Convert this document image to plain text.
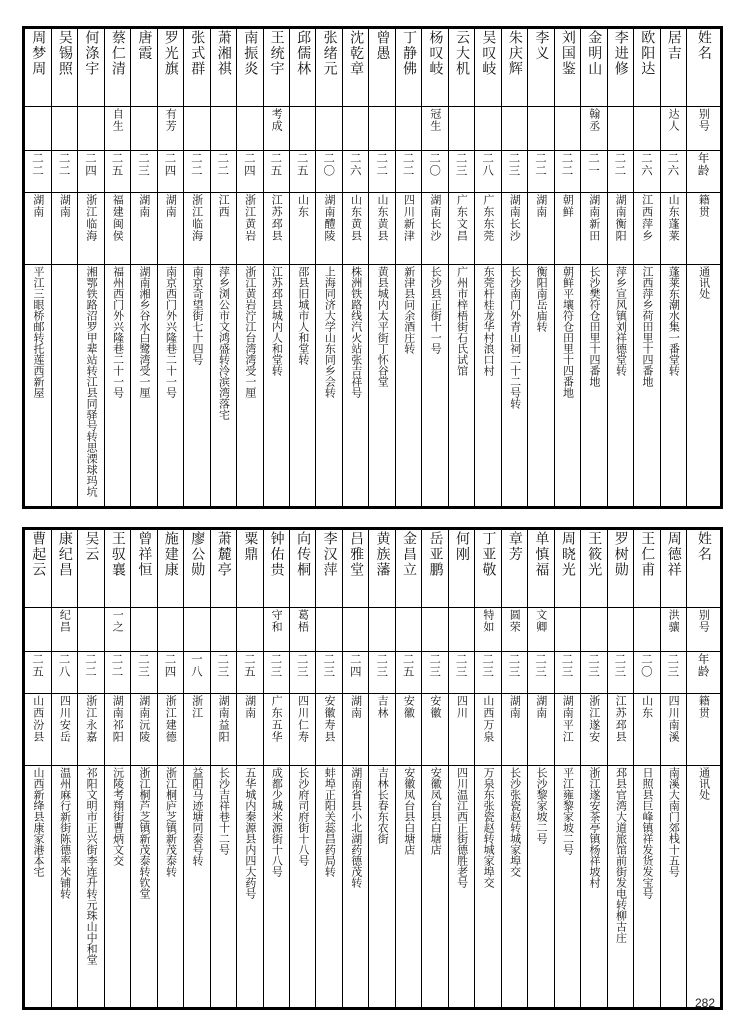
姓名	居吉	欧阳达	李进修	金明山	刘国鉴	李义	朱庆辉	吴叹岐	云大机	杨叹岐	丁静佛	曾愚	沈乾章	张绪元	邱儒林	王统宇	南振炎	萧湘祺	张式群	罗光旗	唐霞	蔡仁清	何涤宇	吴锡照	周梦周

别号	达人			翰丞						冠生						考成				有芳		自生			

年龄	二六	二六	二二	二一	二二	二二	二三	二八	二三	二〇	二二	二二	二六	二〇	二五	二五	二四	二二	二二	二四	二三	二五	二四	二二	二二

籍贯	山东蓬莱	江西萍乡	湖南衡阳	湖南新田	朝鲜	湖南	湖南长沙	广东东莞	广东文昌	湖南长沙	四川新津	山东黄县	山东黄县	湖南醴陵	山东	江苏邳县	浙江黄岩	江西	浙江临海	湖南	湖南	福建闽侯	浙江临海	湖南	湖南

通讯处	蓬莱东潮水集一番堂转	江西萍乡荷田里十四番地	萍乡宣风镇刘祥德堂转	长沙樊符仓田里十四番地	朝鲜平壤符仓田里十四番地	衡阳南岳庙转	长沙南门外青山祠二十二号转	东莞杆桂龙华村浪口村	广州市梓梧街石氏试馆	长沙县正街十一号	新津县问余酒庄转	黄县城内太平街丁怀谷堂	株洲铁路线汽火站张吉祥号	上海同济大学山东同乡会转	邵县旧城市人和堂转	江苏邳县城内人和堂转	浙江黄岩泞江台湾湾受一厘	萍乡浏公市文鸿盛转泠滨湾落宅	南京奇望街七十四号	南京西门外兴隆巷二十一号	湖南湘乡谷水白鹭湾受一厘	福州西门外兴隆巷二十一号	湘鄂铁路沼罗甲辈站转江县同驿号转思溧球玛坑		平江三眼桥邮转托莲西新屋
姓名	周德祥	王仁甫	罗树勋	王筱光	周晓光	单慎福	章芳	丁亚敬	何刚	岳亚鹏	金昌立	黄族藩	吕雅堂	李汉萍	向传桐	钟佑贵	粟鼎	萧麓亭	廖公勋	施建康	曾祥恒	王驭襄	吴云	康纪昌	曹起云

别号	洪骧					文卿	圆荣	特如							葛梧	守和						一之		纪昌	

年龄	二三	二〇	二三	二三	二三	二三	二三	二三	二三	二三	二五	二三	二四	二三	二三	二三	二五	二三	一八	二四	二三	二二	二二	二八	二五

籍贯	四川南溪	山东	江苏邳县	浙江遂安	湖南平江	湖南	湖南	山西万泉	四川	安徽	安徽	吉林	湖南	安徽寿县	四川仁寿	广东五华	湖南	湖南益阳	浙江	浙江建德	湖南沅陵	湖南祁阳	浙江永嘉	四川安岳	山西汾县

通讯处	南溪大南门郊栈十五号	日照县巨峰镇祥发货发宝号	邳县官湾大道旅馆前街发电转柳古庄	浙江遂安茶亭镇杨祥坡村	平江雍黎家坡二号	长沙黎家坡二号	长沙张瓷赵转城家埠交	万泉东张瓷赵转城家埠交	四川温江西正街德胜老号	安徽凤台县白塘店	安徽凤台县白塘店	吉林长春东农街	湖南省县小北湖药德茂转	蚌埠正阳关蕊昌药局转	长沙府司府街十八号	成都少城米源街十八号	五华城内秦源县内四大药号	长沙吉祥巷十二号	益阳马迹塘同泰号转	浙江桐庐芝镇新茂泰转	浙江桐芦芝镇新茂泰转钦堂	沅陵考翔街曹炳文交	祁阳文明市正兴街李连升转元珠山中和堂	温州麻行新街陈德率米铺转	山西新绛县康家港本宅
282
